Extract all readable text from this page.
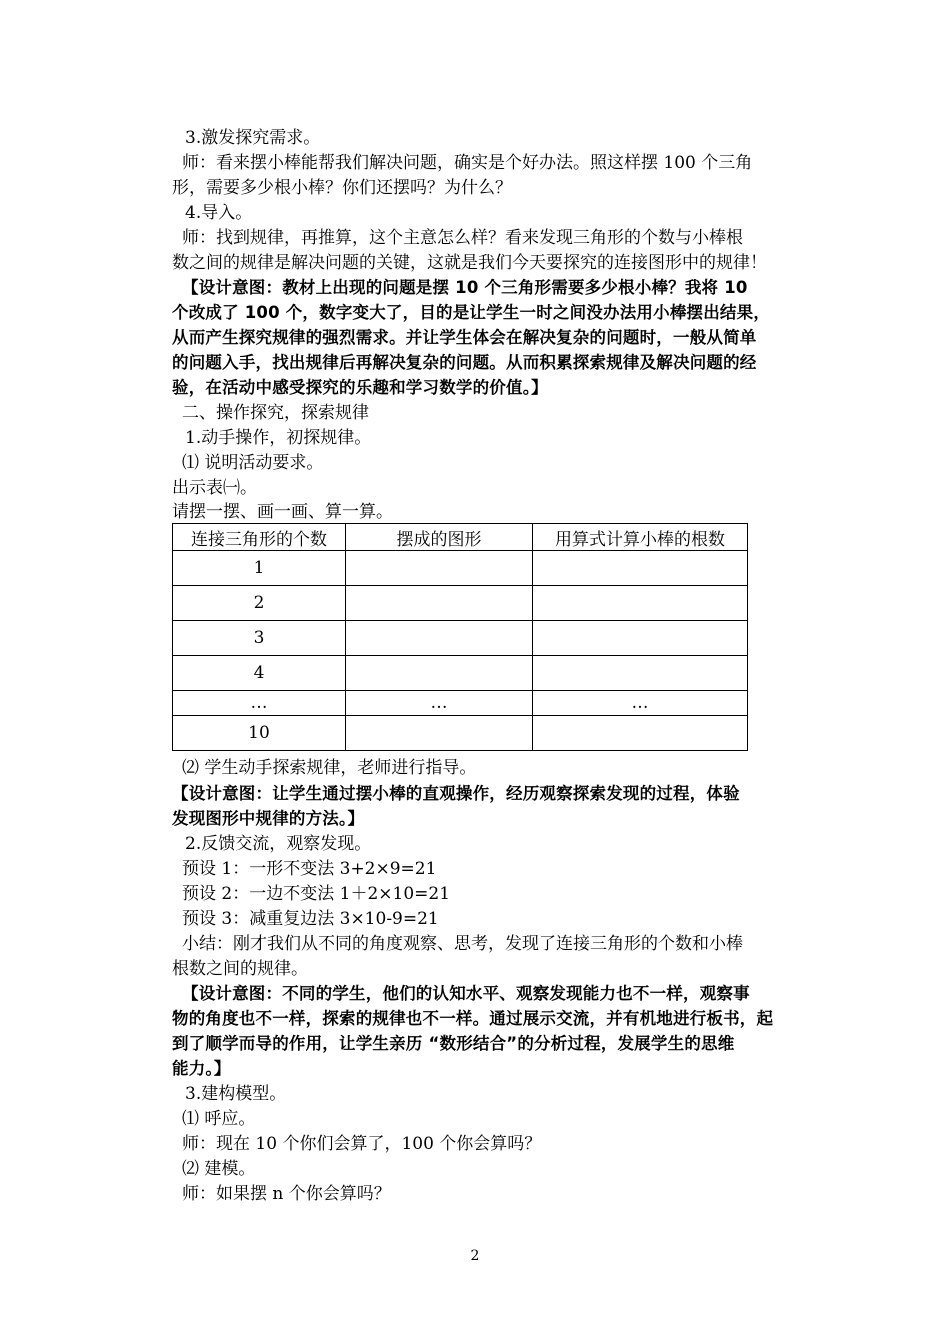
3.激发探究需求。
师：看来摆小棒能帮我们解决问题，确实是个好办法。照这样摆 100 个三角
形，需要多少根小棒？你们还摆吗？为什么？
4.导入。
师：找到规律，再推算，这个主意怎么样？看来发现三角形的个数与小棒根
数之间的规律是解决问题的关键，这就是我们今天要探究的连接图形中的规律！
【设计意图：教材上出现的问题是摆 10 个三角形需要多少根小棒？我将 10
个改成了 100 个，数字变大了，目的是让学生一时之间没办法用小棒摆出结果，
从而产生探究规律的强烈需求。并让学生体会在解决复杂的问题时，一般从简单
的问题入手，找出规律后再解决复杂的问题。从而积累探索规律及解决问题的经
验，在活动中感受探究的乐趣和学习数学的价值。】
二、操作探究，探索规律
1.动手操作，初探规律。
⑴ 说明活动要求。
出示表㈠。
请摆一摆、画一画、算一算。
连接三角形的个数	摆成的图形	用算式计算小棒的根数
1		
2		
3		
4		
…	…	…
10		
⑵ 学生动手探索规律，老师进行指导。
【设计意图：让学生通过摆小棒的直观操作，经历观察探索发现的过程，体验
发现图形中规律的方法。】
2.反馈交流，观察发现。
预设 1：一形不变法 3+2×9=21
预设 2：一边不变法 1＋2×10=21
预设 3：减重复边法 3×10-9=21
小结：刚才我们从不同的角度观察、思考，发现了连接三角形的个数和小棒
根数之间的规律。
【设计意图：不同的学生，他们的认知水平、观察发现能力也不一样，观察事
物的角度也不一样，探索的规律也不一样。通过展示交流，并有机地进行板书，起
到了顺学而导的作用，让学生亲历 “数形结合”的分析过程，发展学生的思维
能力。】
3.建构模型。
⑴ 呼应。
师：现在 10 个你们会算了，100 个你会算吗？
⑵ 建模。
师：如果摆 n 个你会算吗？
2
